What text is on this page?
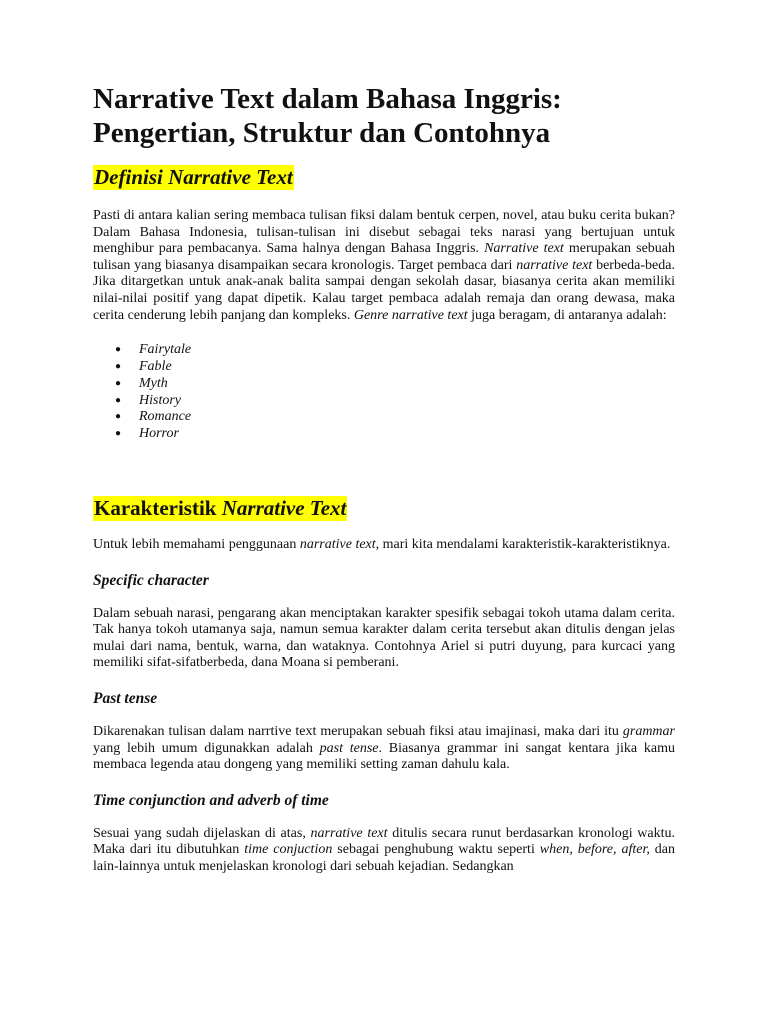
Narrative Text dalam Bahasa Inggris:
Pengertian, Struktur dan Contohnya
Definisi Narrative Text

Pasti di antara kalian sering membaca tulisan fiksi dalam bentuk cerpen, novel, atau buku cerita bukan? Dalam Bahasa Indonesia, tulisan-tulisan ini disebut sebagai teks narasi yang bertujuan untuk menghibur para pembacanya. Sama halnya dengan Bahasa Inggris. Narrative text merupakan sebuah tulisan yang biasanya disampaikan secara kronologis. Target pembaca dari narrative text berbeda-beda. Jika ditargetkan untuk anak-anak balita sampai dengan sekolah dasar, biasanya cerita akan memiliki nilai-nilai positif yang dapat dipetik. Kalau target pembaca adalah remaja dan orang dewasa, maka cerita cenderung lebih panjang dan kompleks. Genre narrative text juga beragam, di antaranya adalah:

● Fairytale
● Fable
● Myth
● History
● Romance
● Horror
Karakteristik Narrative Text

Untuk lebih memahami penggunaan narrative text, mari kita mendalami karakteristik-karakteristiknya.

Specific character

Dalam sebuah narasi, pengarang akan menciptakan karakter spesifik sebagai tokoh utama dalam cerita. Tak hanya tokoh utamanya saja, namun semua karakter dalam cerita tersebut akan ditulis dengan jelas mulai dari nama, bentuk, warna, dan wataknya. Contohnya Ariel si putri duyung, para kurcaci yang memiliki sifat-sifatberbeda, dana Moana si pemberani.

Past tense

Dikarenakan tulisan dalam narrtive text merupakan sebuah fiksi atau imajinasi, maka dari itu grammar yang lebih umum digunakkan adalah past tense. Biasanya grammar ini sangat kentara jika kamu membaca legenda atau dongeng yang memiliki setting zaman dahulu kala.

Time conjunction and adverb of time

Sesuai yang sudah dijelaskan di atas, narrative text ditulis secara runut berdasarkan kronologi waktu. Maka dari itu dibutuhkan time conjuction sebagai penghubung waktu seperti when, before, after, dan lain-lainnya untuk menjelaskan kronologi dari sebuah kejadian. Sedangkan
